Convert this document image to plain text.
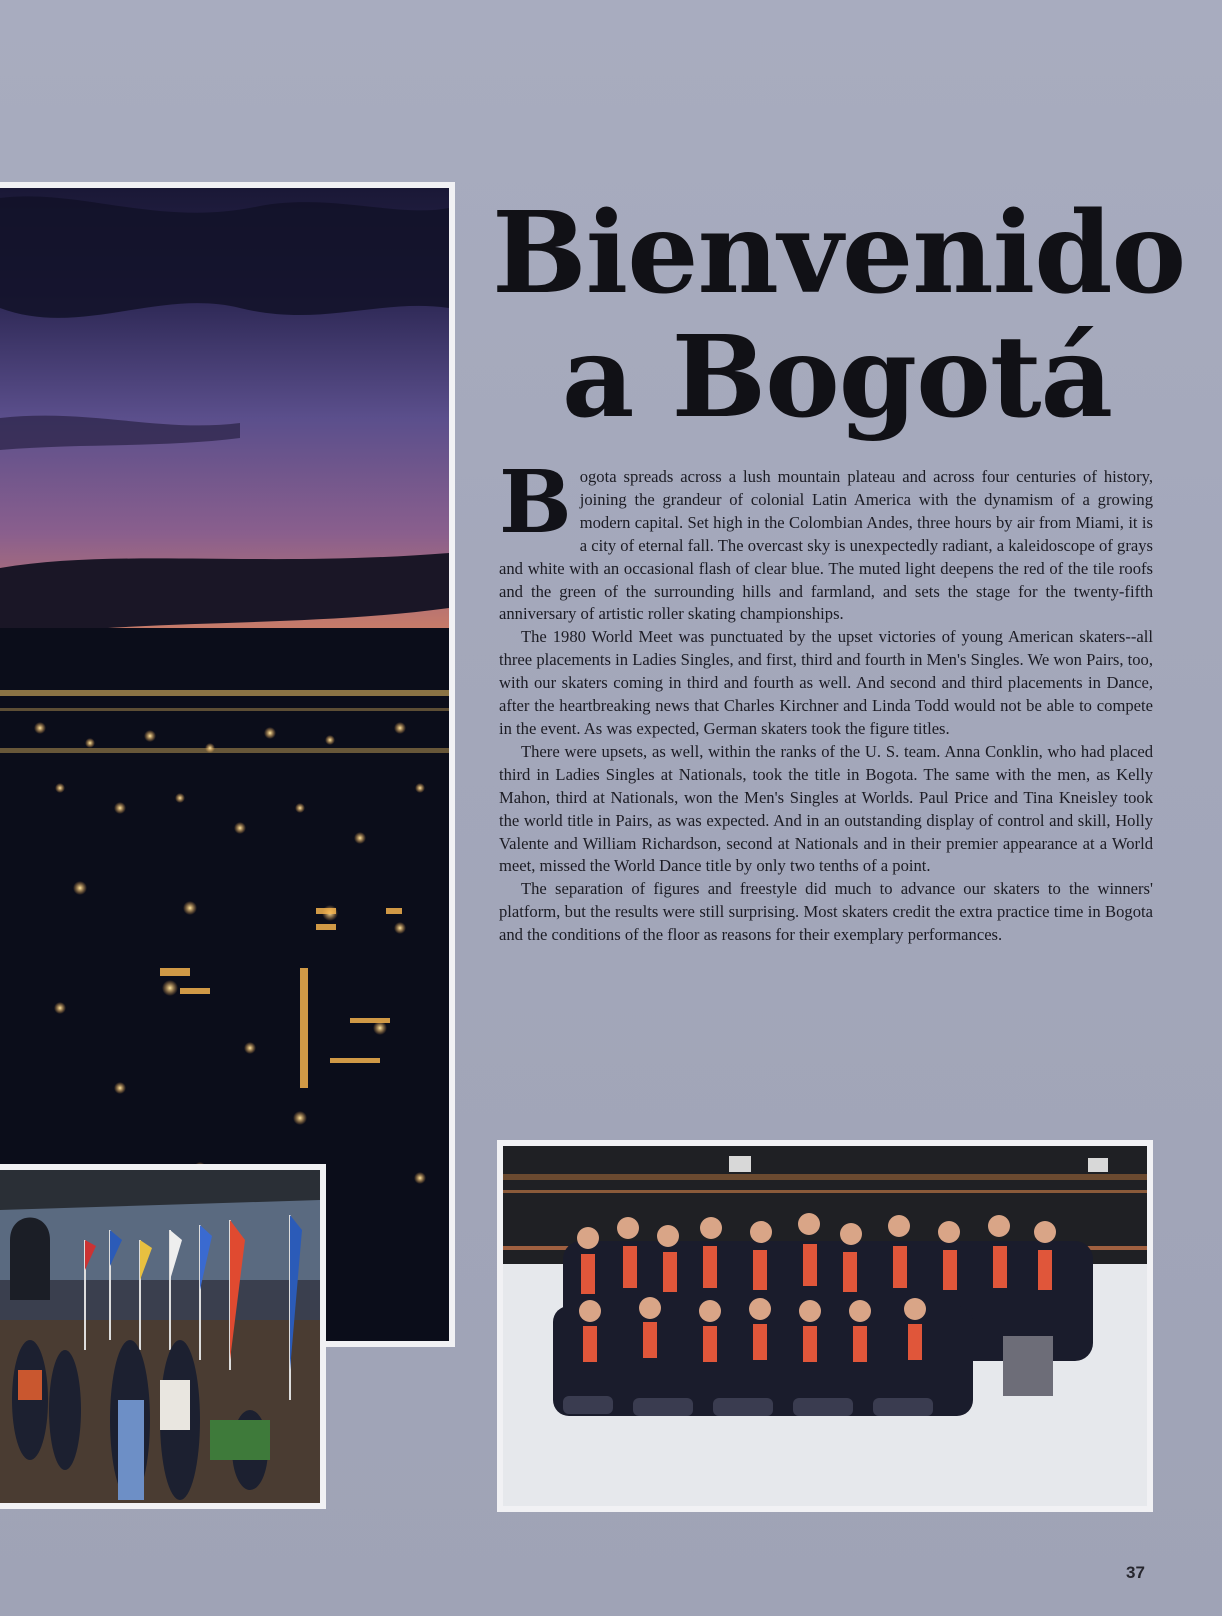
Bienvenido
a Bogotá

B ogota spreads across a lush mountain plateau and across four centuries of history, joining the grandeur of colonial Latin America with the dynamism of a growing modern capital. Set high in the Colombian Andes, three hours by air from Miami, it is a city of eternal fall. The overcast sky is unexpectedly radiant, a kaleidoscope of grays and white with an occasional flash of clear blue. The muted light deepens the red of the tile roofs and the green of the surrounding hills and farmland, and sets the stage for the twenty-fifth anniversary of artistic roller skating championships.

The 1980 World Meet was punctuated by the upset victories of young American skaters--all three placements in Ladies Singles, and first, third and fourth in Men's Singles. We won Pairs, too, with our skaters coming in third and fourth as well. And second and third placements in Dance, after the heartbreaking news that Charles Kirchner and Linda Todd would not be able to compete in the event. As was expected, German skaters took the figure titles.

There were upsets, as well, within the ranks of the U. S. team. Anna Conklin, who had placed third in Ladies Singles at Nationals, took the title in Bogota. The same with the men, as Kelly Mahon, third at Nationals, won the Men's Singles at Worlds. Paul Price and Tina Kneisley took the world title in Pairs, as was expected. And in an outstanding display of control and skill, Holly Valente and William Richardson, second at Nationals and in their premier appearance at a World meet, missed the World Dance title by only two tenths of a point.

The separation of figures and freestyle did much to advance our skaters to the winners' platform, but the results were still surprising. Most skaters credit the extra practice time in Bogota and the conditions of the floor as reasons for their exemplary performances.

37
